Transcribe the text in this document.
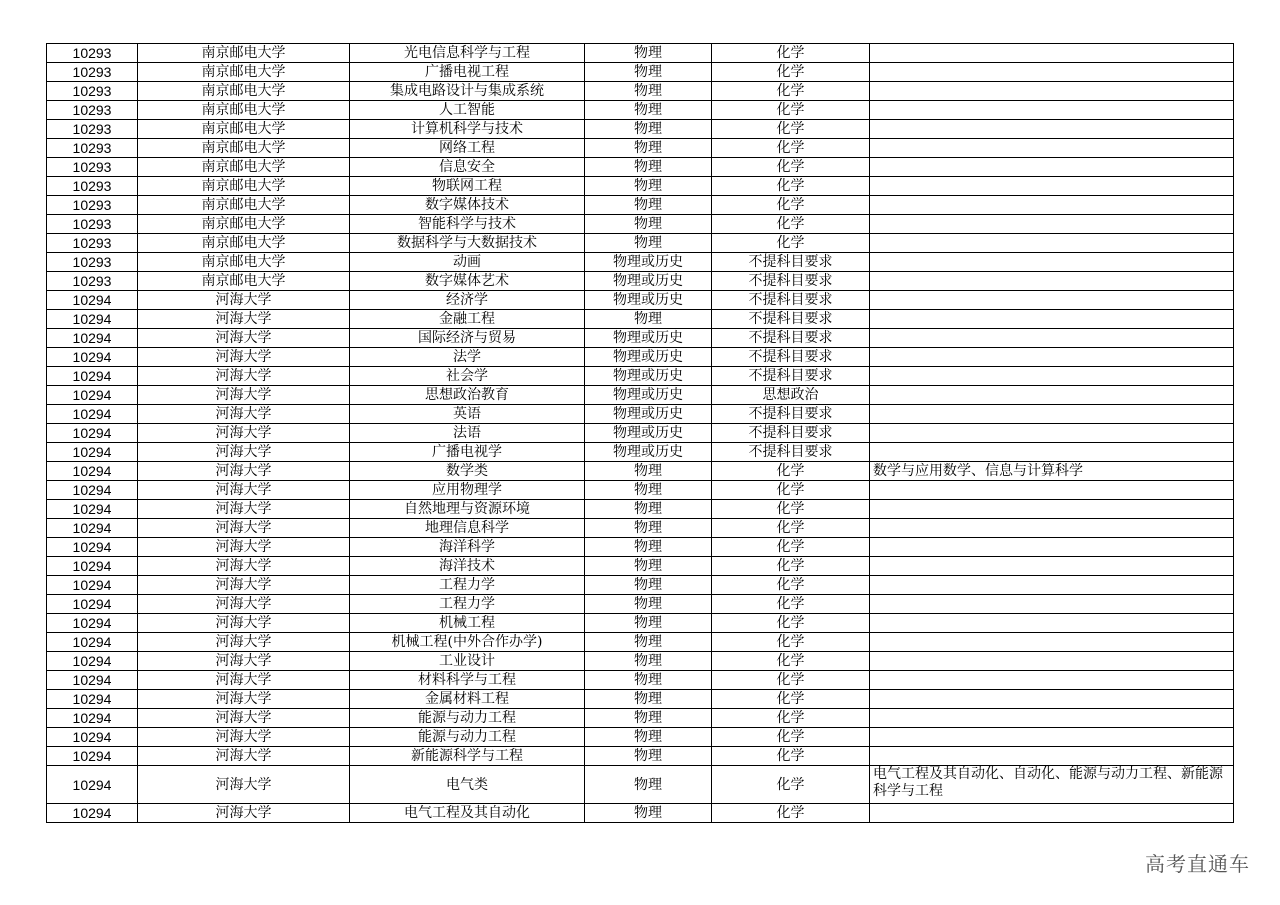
10293	南京邮电大学	光电信息科学与工程	物理	化学	
10293	南京邮电大学	广播电视工程	物理	化学	
10293	南京邮电大学	集成电路设计与集成系统	物理	化学	
10293	南京邮电大学	人工智能	物理	化学	
10293	南京邮电大学	计算机科学与技术	物理	化学	
10293	南京邮电大学	网络工程	物理	化学	
10293	南京邮电大学	信息安全	物理	化学	
10293	南京邮电大学	物联网工程	物理	化学	
10293	南京邮电大学	数字媒体技术	物理	化学	
10293	南京邮电大学	智能科学与技术	物理	化学	
10293	南京邮电大学	数据科学与大数据技术	物理	化学	
10293	南京邮电大学	动画	物理或历史	不提科目要求	
10293	南京邮电大学	数字媒体艺术	物理或历史	不提科目要求	
10294	河海大学	经济学	物理或历史	不提科目要求	
10294	河海大学	金融工程	物理	不提科目要求	
10294	河海大学	国际经济与贸易	物理或历史	不提科目要求	
10294	河海大学	法学	物理或历史	不提科目要求	
10294	河海大学	社会学	物理或历史	不提科目要求	
10294	河海大学	思想政治教育	物理或历史	思想政治	
10294	河海大学	英语	物理或历史	不提科目要求	
10294	河海大学	法语	物理或历史	不提科目要求	
10294	河海大学	广播电视学	物理或历史	不提科目要求	
10294	河海大学	数学类	物理	化学	数学与应用数学、信息与计算科学
10294	河海大学	应用物理学	物理	化学	
10294	河海大学	自然地理与资源环境	物理	化学	
10294	河海大学	地理信息科学	物理	化学	
10294	河海大学	海洋科学	物理	化学	
10294	河海大学	海洋技术	物理	化学	
10294	河海大学	工程力学	物理	化学	
10294	河海大学	工程力学	物理	化学	
10294	河海大学	机械工程	物理	化学	
10294	河海大学	机械工程(中外合作办学)	物理	化学	
10294	河海大学	工业设计	物理	化学	
10294	河海大学	材料科学与工程	物理	化学	
10294	河海大学	金属材料工程	物理	化学	
10294	河海大学	能源与动力工程	物理	化学	
10294	河海大学	能源与动力工程	物理	化学	
10294	河海大学	新能源科学与工程	物理	化学	
10294	河海大学	电气类	物理	化学	电气工程及其自动化、自动化、能源与动力工程、新能源科学与工程
10294	河海大学	电气工程及其自动化	物理	化学	
高考直通车
